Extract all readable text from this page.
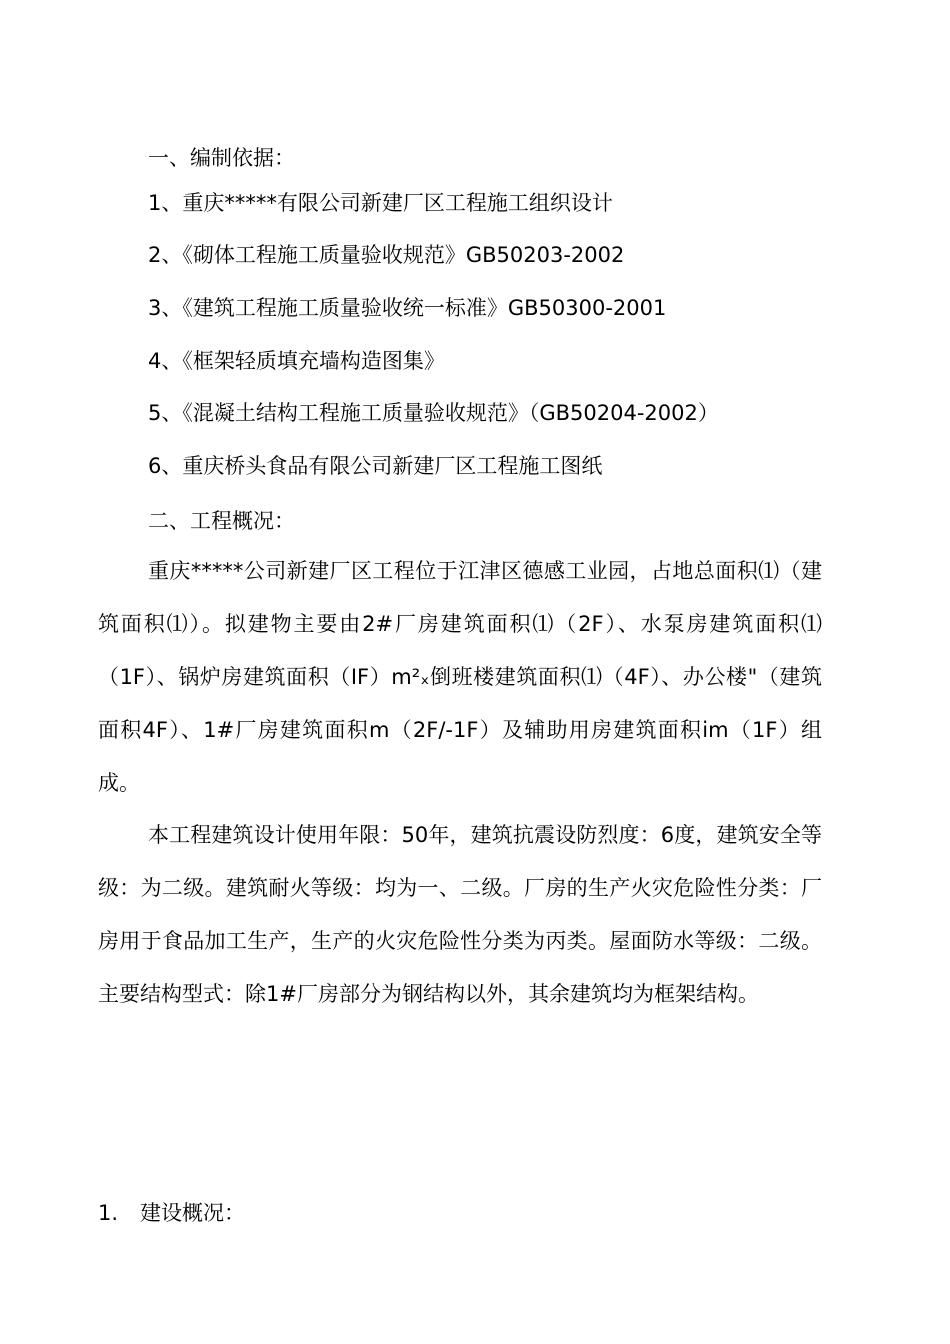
一、编制依据：
1、重庆*****有限公司新建厂区工程施工组织设计
2、《砌体工程施工质量验收规范》GB50203-2002
3、《建筑工程施工质量验收统一标准》GB50300-2001
4、《框架轻质填充墙构造图集》
5、《混凝土结构工程施工质量验收规范》（GB50204-2002）
6、重庆桥头食品有限公司新建厂区工程施工图纸
二、工程概况：
重庆*****公司新建厂区工程位于江津区德感工业园，占地总面积⑴（建筑面积⑴）。拟建物主要由2#厂房建筑面积⑴（2F）、水泵房建筑面积⑴（1F）、锅炉房建筑面积（IF）m²ₓ倒班楼建筑面积⑴（4F）、办公楼"（建筑面积4F）、1#厂房建筑面积m（2F/-1F）及辅助用房建筑面积im（1F）组成。
本工程建筑设计使用年限：50年，建筑抗震设防烈度：6度，建筑安全等级：为二级。建筑耐火等级：均为一、二级。厂房的生产火灾危险性分类：厂房用于食品加工生产，生产的火灾危险性分类为丙类。屋面防水等级：二级。主要结构型式：除1#厂房部分为钢结构以外，其余建筑均为框架结构。
1. 建设概况：
